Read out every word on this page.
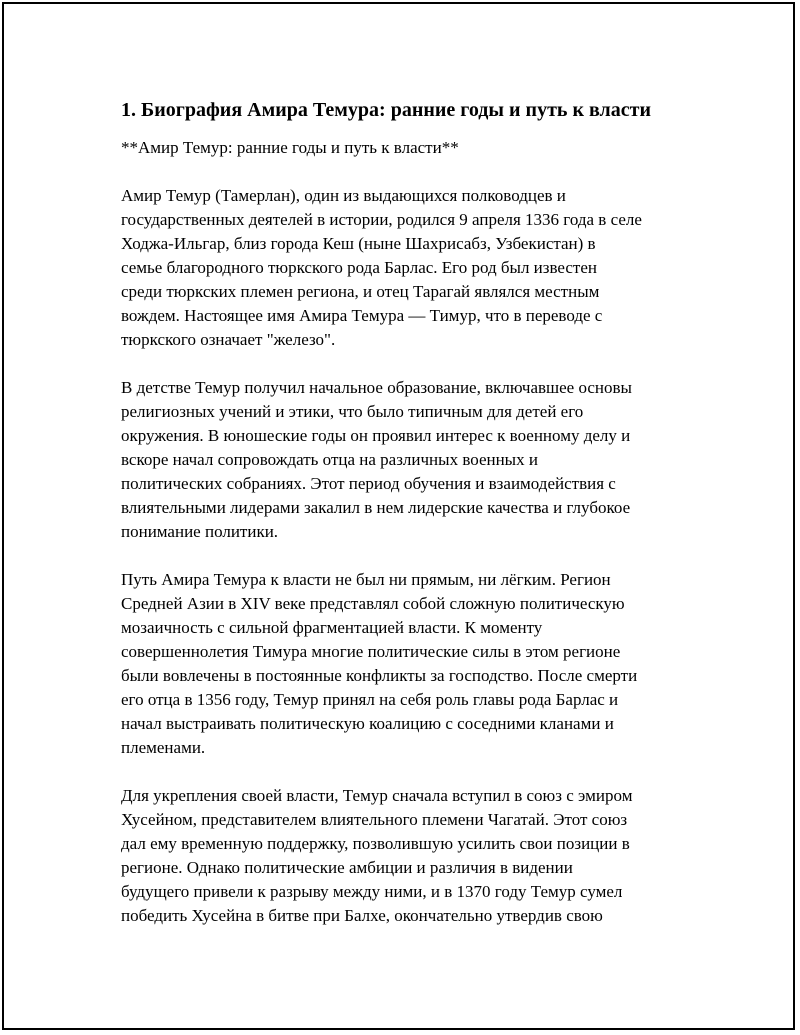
1. Биография Амира Темура: ранние годы и путь к власти

**Амир Темур: ранние годы и путь к власти**

Амир Темур (Тамерлан), один из выдающихся полководцев и
государственных деятелей в истории, родился 9 апреля 1336 года в селе
Ходжа-Ильгар, близ города Кеш (ныне Шахрисабз, Узбекистан) в
семье благородного тюркского рода Барлас. Его род был известен
среди тюркских племен региона, и отец Тарагай являлся местным
вождем. Настоящее имя Амира Темура — Тимур, что в переводе с
тюркского означает "железо".
В детстве Темур получил начальное образование, включавшее основы
религиозных учений и этики, что было типичным для детей его
окружения. В юношеские годы он проявил интерес к военному делу и
вскоре начал сопровождать отца на различных военных и
политических собраниях. Этот период обучения и взаимодействия с
влиятельными лидерами закалил в нем лидерские качества и глубокое
понимание политики.
Путь Амира Темура к власти не был ни прямым, ни лёгким. Регион
Средней Азии в XIV веке представлял собой сложную политическую
мозаичность с сильной фрагментацией власти. К моменту
совершеннолетия Тимура многие политические силы в этом регионе
были вовлечены в постоянные конфликты за господство. После смерти
его отца в 1356 году, Темур принял на себя роль главы рода Барлас и
начал выстраивать политическую коалицию с соседними кланами и
племенами.
Для укрепления своей власти, Темур сначала вступил в союз с эмиром
Хусейном, представителем влиятельного племени Чагатай. Этот союз
дал ему временную поддержку, позволившую усилить свои позиции в
регионе. Однако политические амбиции и различия в видении
будущего привели к разрыву между ними, и в 1370 году Темур сумел
победить Хусейна в битве при Балхе, окончательно утвердив свою
